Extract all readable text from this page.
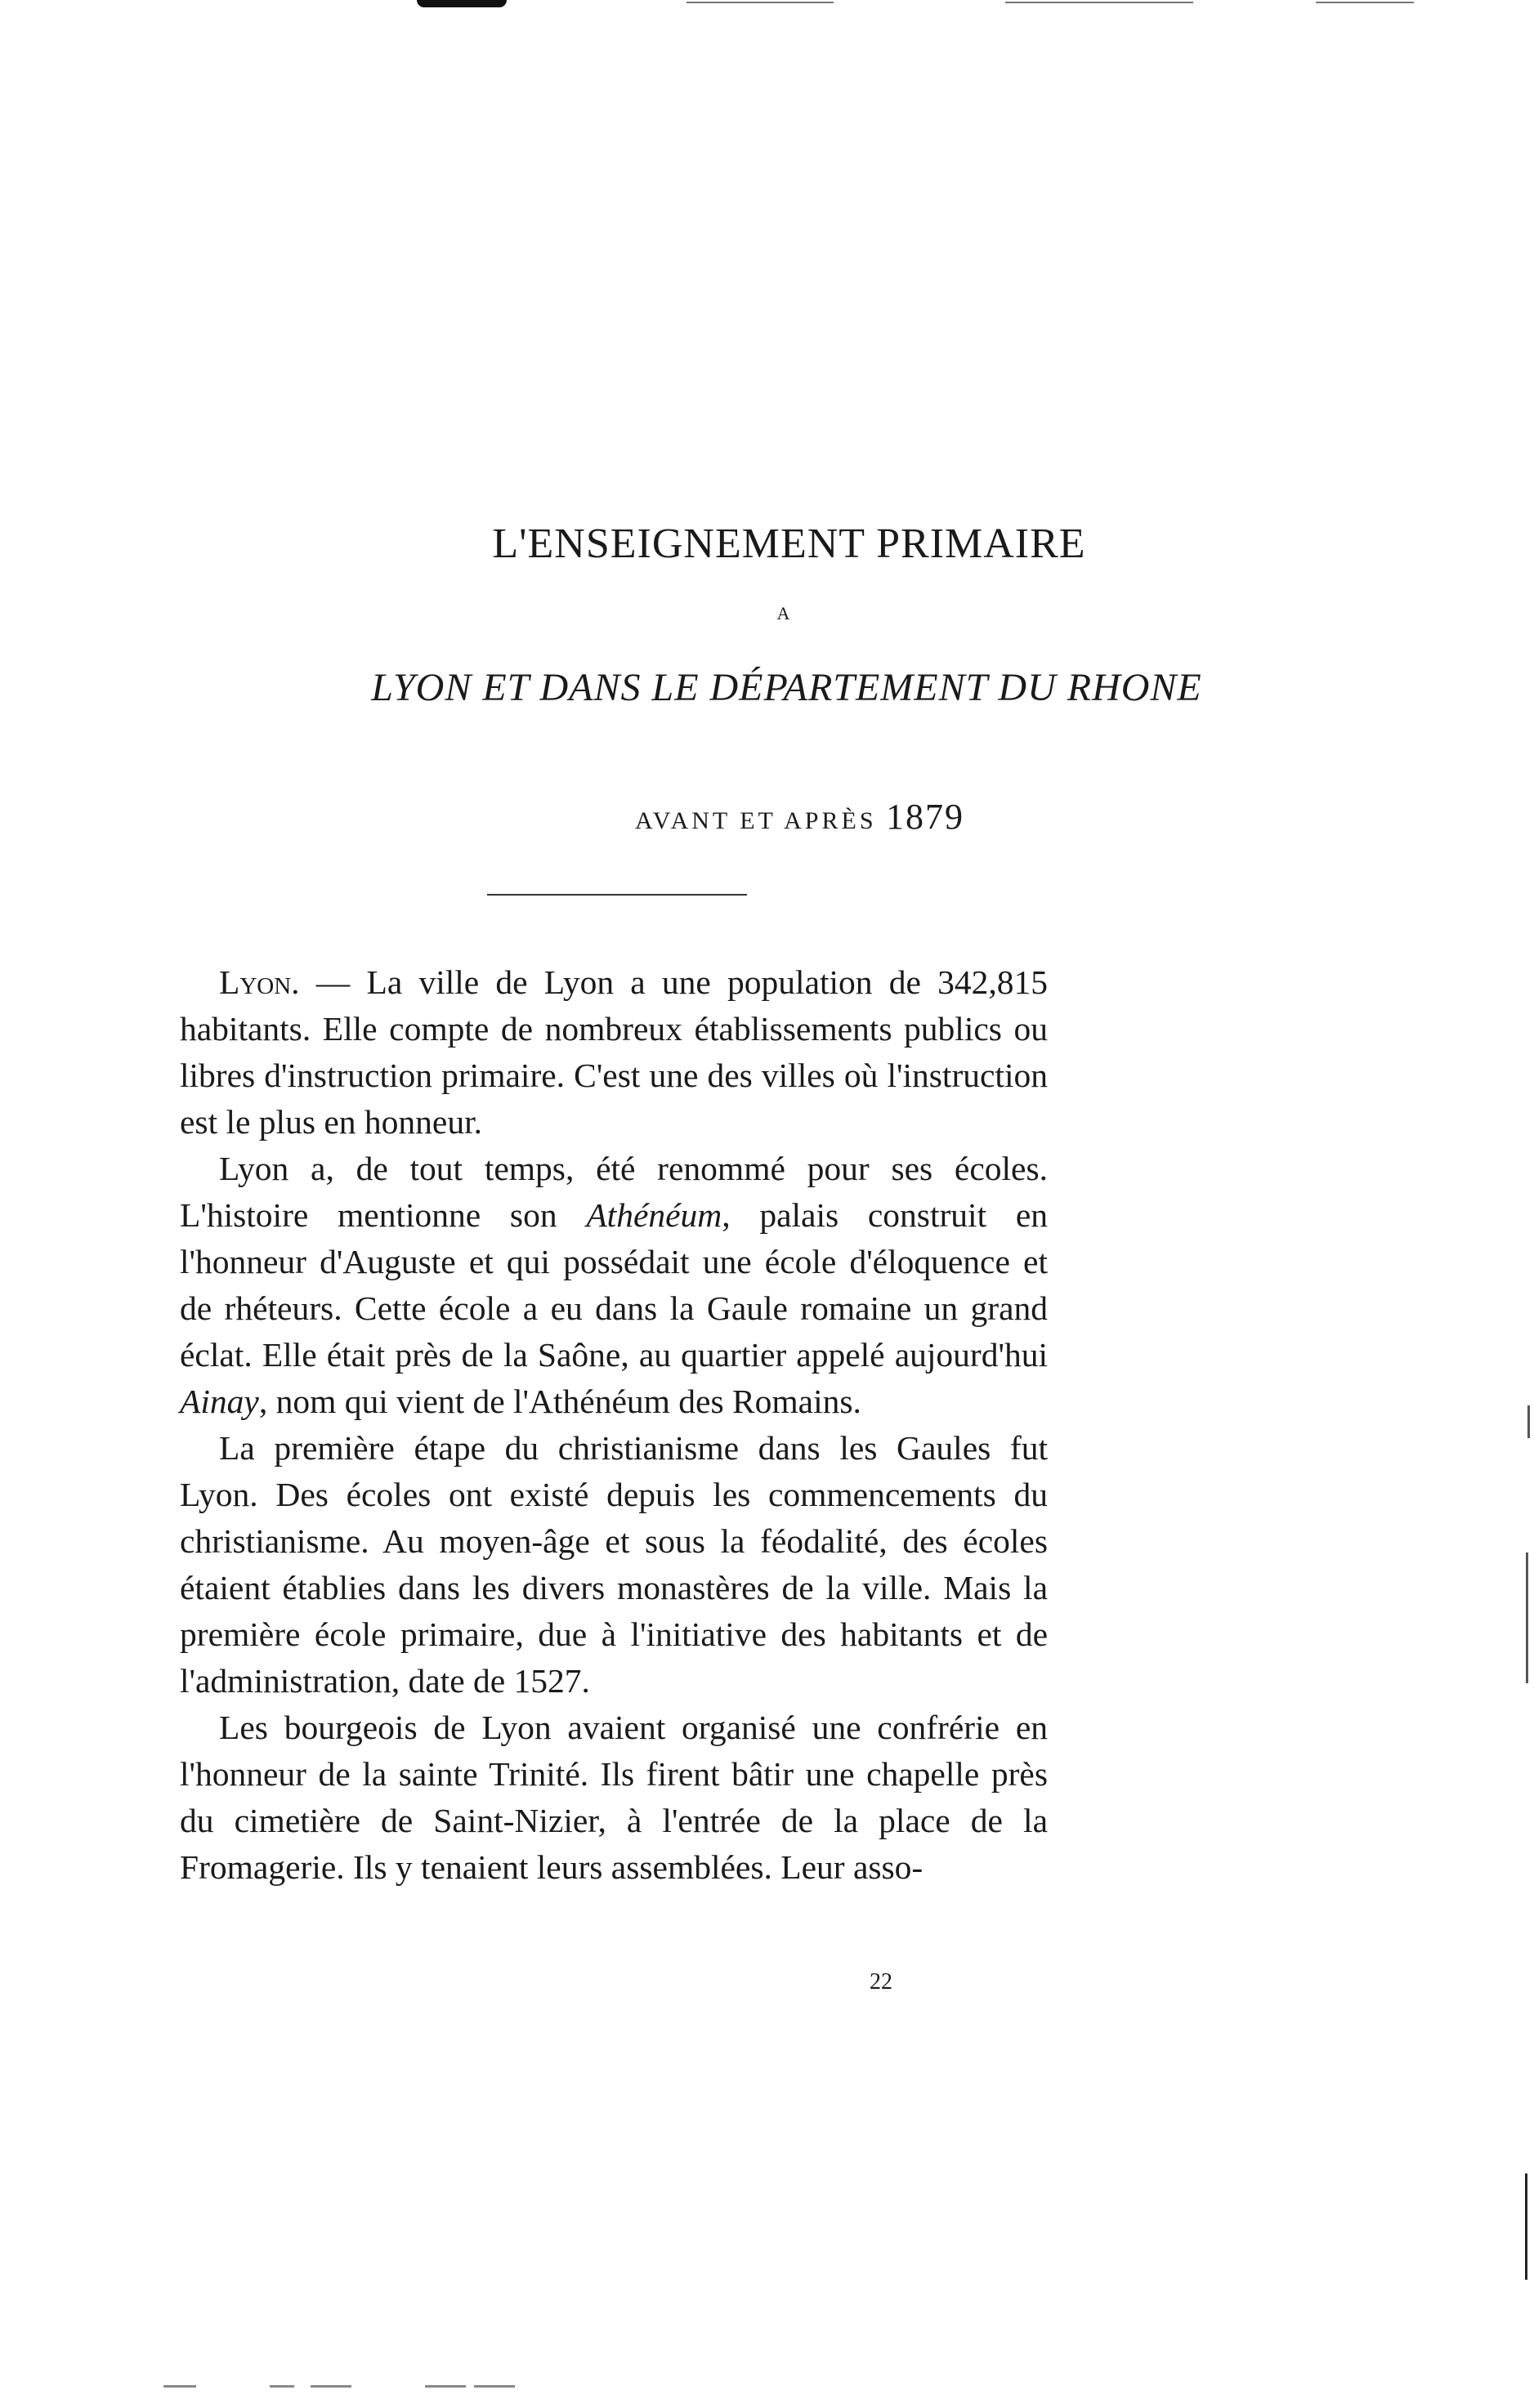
L'ENSEIGNEMENT PRIMAIRE
A
LYON ET DANS LE DÉPARTEMENT DU RHONE
AVANT ET APRÈS 1879

Lyon. — La ville de Lyon a une population de 342,815 habitants. Elle compte de nombreux établissements publics ou libres d'instruction primaire. C'est une des villes où l'instruction est le plus en honneur.

Lyon a, de tout temps, été renommé pour ses écoles. L'histoire mentionne son Athénéum, palais construit en l'honneur d'Auguste et qui possédait une école d'éloquence et de rhéteurs. Cette école a eu dans la Gaule romaine un grand éclat. Elle était près de la Saône, au quartier appelé aujourd'hui Ainay, nom qui vient de l'Athénéum des Romains.

La première étape du christianisme dans les Gaules fut Lyon. Des écoles ont existé depuis les commencements du christianisme. Au moyen-âge et sous la féodalité, des écoles étaient établies dans les divers monastères de la ville. Mais la première école primaire, due à l'initiative des habitants et de l'administration, date de 1527.

Les bourgeois de Lyon avaient organisé une confrérie en l'honneur de la sainte Trinité. Ils firent bâtir une chapelle près du cimetière de Saint-Nizier, à l'entrée de la place de la Fromagerie. Ils y tenaient leurs assemblées. Leur asso-

22
